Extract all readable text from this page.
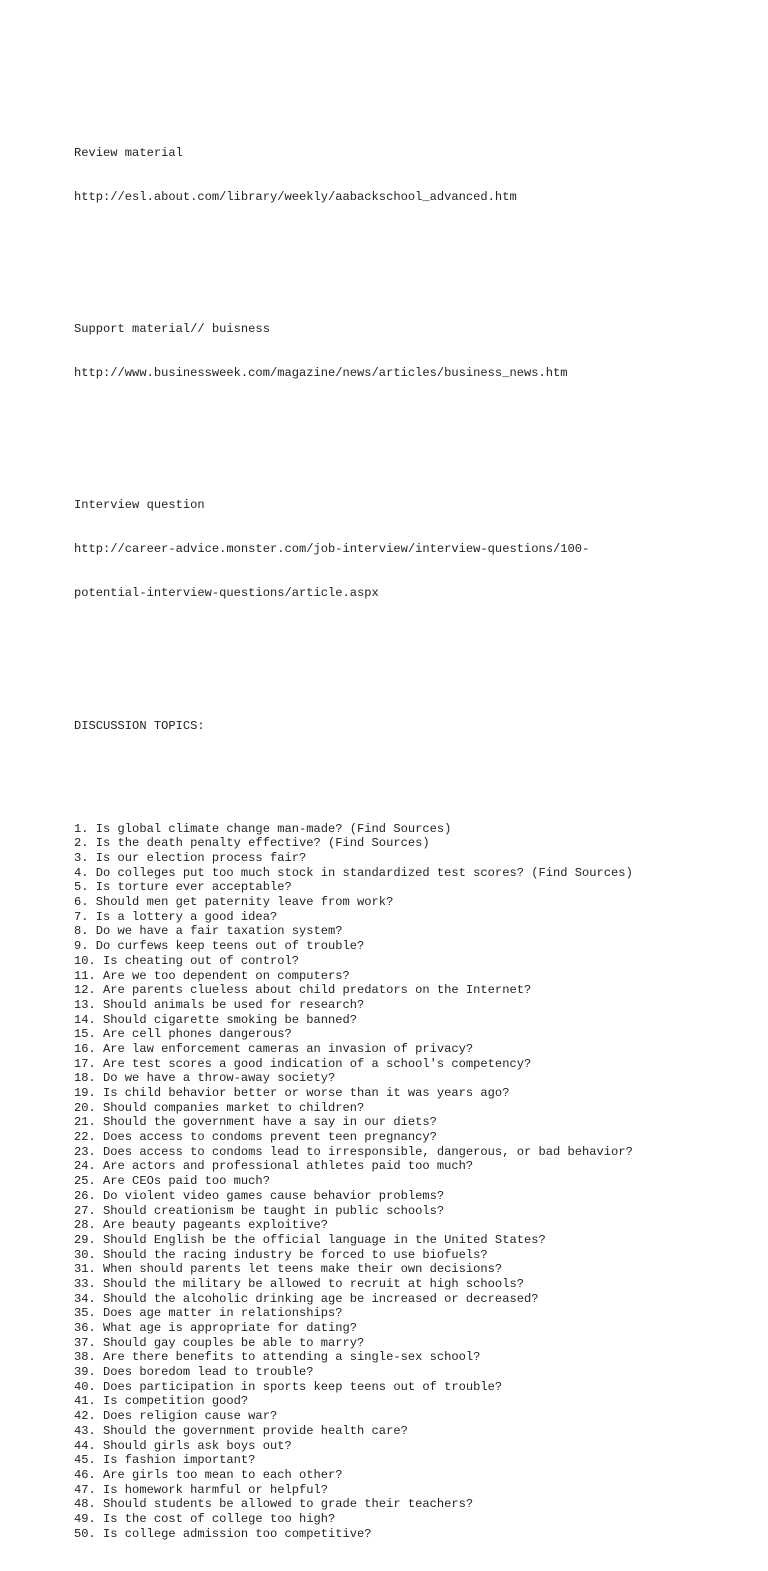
Review material

http://esl.about.com/library/weekly/aabackschool_advanced.htm

Support material// buisness

http://www.businessweek.com/magazine/news/articles/business_news.htm

Interview question

http://career-advice.monster.com/job-interview/interview-questions/100-

potential-interview-questions/article.aspx

DISCUSSION TOPICS:

1. Is global climate change man-made? (Find Sources)
2. Is the death penalty effective? (Find Sources)
3. Is our election process fair?
4. Do colleges put too much stock in standardized test scores? (Find Sources)
5. Is torture ever acceptable?
6. Should men get paternity leave from work?
7. Is a lottery a good idea?
8. Do we have a fair taxation system?
9. Do curfews keep teens out of trouble?
10. Is cheating out of control?
11. Are we too dependent on computers?
12. Are parents clueless about child predators on the Internet?
13. Should animals be used for research?
14. Should cigarette smoking be banned?
15. Are cell phones dangerous?
16. Are law enforcement cameras an invasion of privacy?
17. Are test scores a good indication of a school's competency?
18. Do we have a throw-away society?
19. Is child behavior better or worse than it was years ago?
20. Should companies market to children?
21. Should the government have a say in our diets?
22. Does access to condoms prevent teen pregnancy?
23. Does access to condoms lead to irresponsible, dangerous, or bad behavior?
24. Are actors and professional athletes paid too much?
25. Are CEOs paid too much?
26. Do violent video games cause behavior problems?
27. Should creationism be taught in public schools?
28. Are beauty pageants exploitive?
29. Should English be the official language in the United States?
30. Should the racing industry be forced to use biofuels?
31. When should parents let teens make their own decisions?
33. Should the military be allowed to recruit at high schools?
34. Should the alcoholic drinking age be increased or decreased?
35. Does age matter in relationships?
36. What age is appropriate for dating?
37. Should gay couples be able to marry?
38. Are there benefits to attending a single-sex school?
39. Does boredom lead to trouble?
40. Does participation in sports keep teens out of trouble?
41. Is competition good?
42. Does religion cause war?
43. Should the government provide health care?
44. Should girls ask boys out?
45. Is fashion important?
46. Are girls too mean to each other?
47. Is homework harmful or helpful?
48. Should students be allowed to grade their teachers?
49. Is the cost of college too high?
50. Is college admission too competitive?
